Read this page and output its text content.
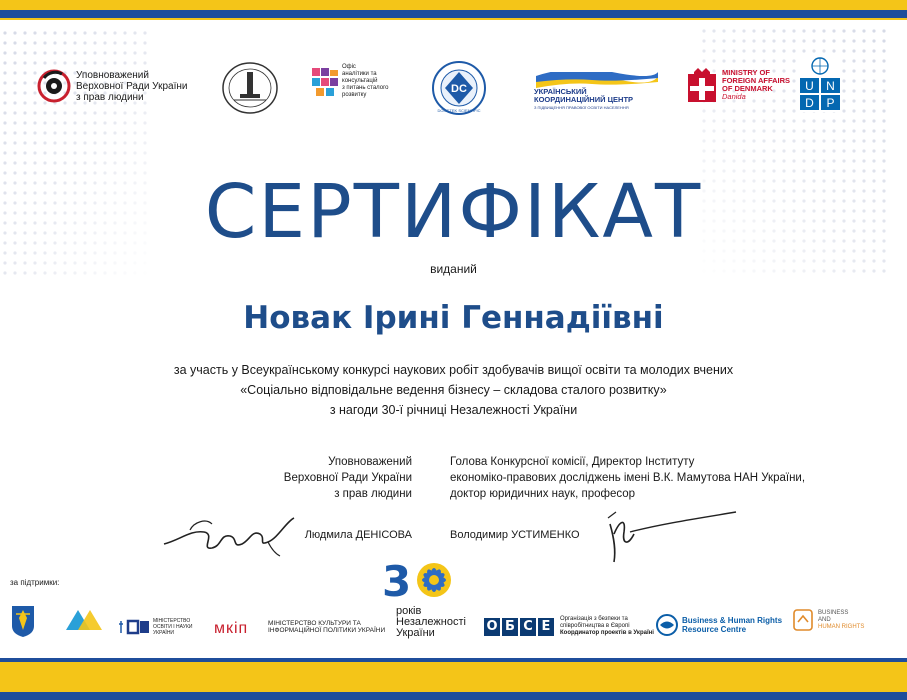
Уповноважений
Верховної Ради України
з прав людини
Офіс
аналітики та
консультацій
з питань сталого
розвитку	DC
DOMETEK SCIENTIFIC
УКРАЇНСЬКИЙ
КООРДИНАЦІЙНИЙ ЦЕНТР
З ПІДВИЩЕННЯ ПРАВОВОЇ ОСВІТИ НАСЕЛЕННЯ
MINISTRY OF
FOREIGN AFFAIRS
OF DENMARK
Danida
U N
D P
СЕРТИФІКАТ
виданий
Новак Ірині Геннадіївні
за участь у Всеукраїнському конкурсі наукових робіт здобувачів вищої освіти та молодих вчених
«Соціально відповідальне ведення бізнесу – складова сталого розвитку»
з нагоди 30-ї річниці Незалежності України
Уповноважений
Верховної Ради України
з прав людини
Голова Конкурсної комісії, Директор Інституту
економіко-правових досліджень імені В.К. Мамутова НАН України,
доктор юридичних наук, професор
Людмила ДЕНІСОВА	Володимир УСТИМЕНКО
3
років
Незалежності
України
за підтримки:
МІНІСТЕРСТВО
ОСВІТИ І НАУКИ
УКРАЇНИ	мкіп	МІНІСТЕРСТВО КУЛЬТУРИ ТА
ІНФОРМАЦІЙНОЇ ПОЛІТИКИ УКРАЇНИ	О Б С Е	Організація з безпеки та
співробітництва в Європі
Координатор проектів в Україні
Business & Human Rights
Resource Centre
BUSINESS
AND
HUMAN RIGHTS
